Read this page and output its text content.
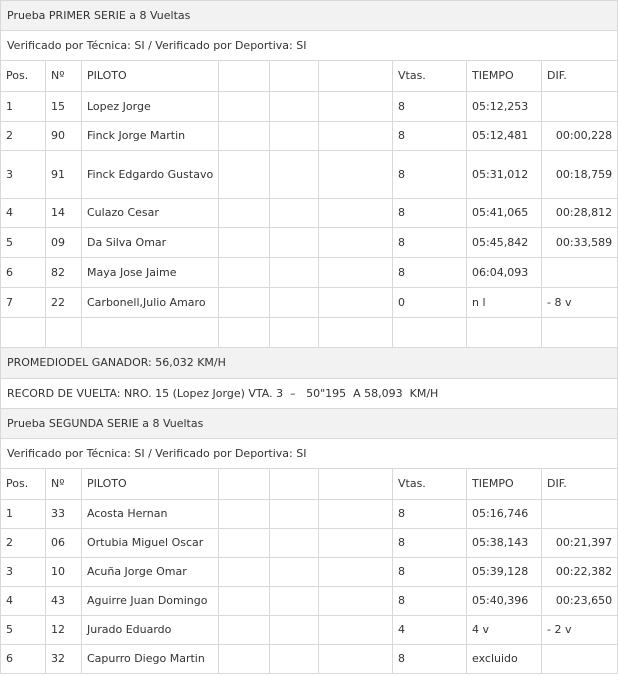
Prueba PRIMER SERIE a 8 Vueltas								
Verificado por Técnica: SI / Verificado por Deportiva: SI								
Pos.	Nº	PILOTO				Vtas.	TIEMPO	DIF.
1	15	Lopez Jorge				8	05:12,253	
2	90	Finck Jorge Martin				8	05:12,481	00:00,228
3	91	Finck Edgardo Gustavo				8	05:31,012	00:18,759
4	14	Culazo Cesar				8	05:41,065	00:28,812
5	09	Da Silva Omar				8	05:45,842	00:33,589
6	82	Maya Jose Jaime				8	06:04,093	
7	22	Carbonell,Julio Amaro				0	n l	- 8 v

PROMEDIODEL GANADOR: 56,032 KM/H								
RECORD DE VUELTA: NRO. 15 (Lopez Jorge) VTA. 3  –   50"195  A 58,093  KM/H								
Prueba SEGUNDA SERIE a 8 Vueltas								
Verificado por Técnica: SI / Verificado por Deportiva: SI								
Pos.	Nº	PILOTO				Vtas.	TIEMPO	DIF.
1	33	Acosta Hernan				8	05:16,746	
2	06	Ortubia Miguel Oscar				8	05:38,143	00:21,397
3	10	Acuña Jorge Omar				8	05:39,128	00:22,382
4	43	Aguirre Juan Domingo				8	05:40,396	00:23,650
5	12	Jurado Eduardo				4	4 v	- 2 v
6	32	Capurro Diego Martin				8	excluido	
